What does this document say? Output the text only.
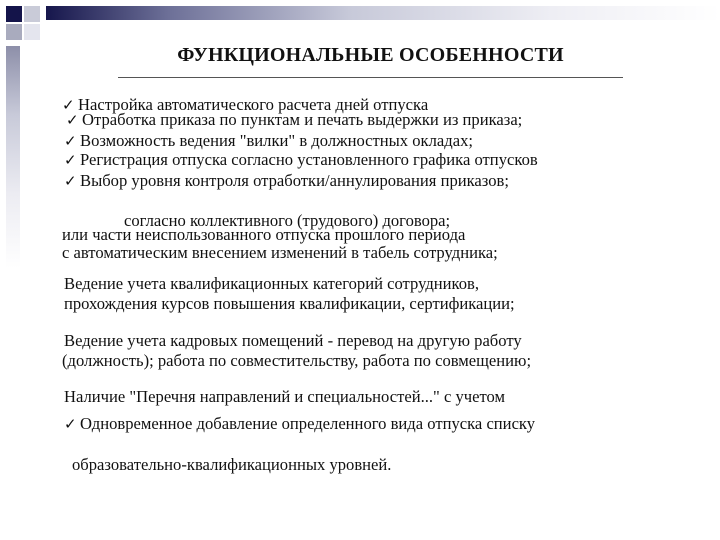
ФУНКЦИОНАЛЬНЫЕ ОСОБЕННОСТИ
✓ Настройка автоматического расчета дней отпуска
✓ Отработка приказа по пунктам и печать выдержки из приказа;
✓ Возможность ведения "вилки" в должностных окладах;
✓ Регистрация отпуска согласно установленного графика отпусков
✓ Выбор уровня контроля отработки/аннулирования приказов;
согласно коллективного (трудового) договора;
или части неиспользованного отпуска прошлого периода
с автоматическим внесением изменений в табель сотрудника;
Ведение учета квалификационных категорий сотрудников,
прохождения курсов повышения квалификации, сертификации;
Ведение учета кадровых помещений - перевод на другую работу
(должность); работа по совместительству, работа по совмещению;
Наличие "Перечня направлений и специальностей..." с учетом
✓ Одновременное добавление определенного вида отпуска списку
образовательно-квалификационных уровней.
